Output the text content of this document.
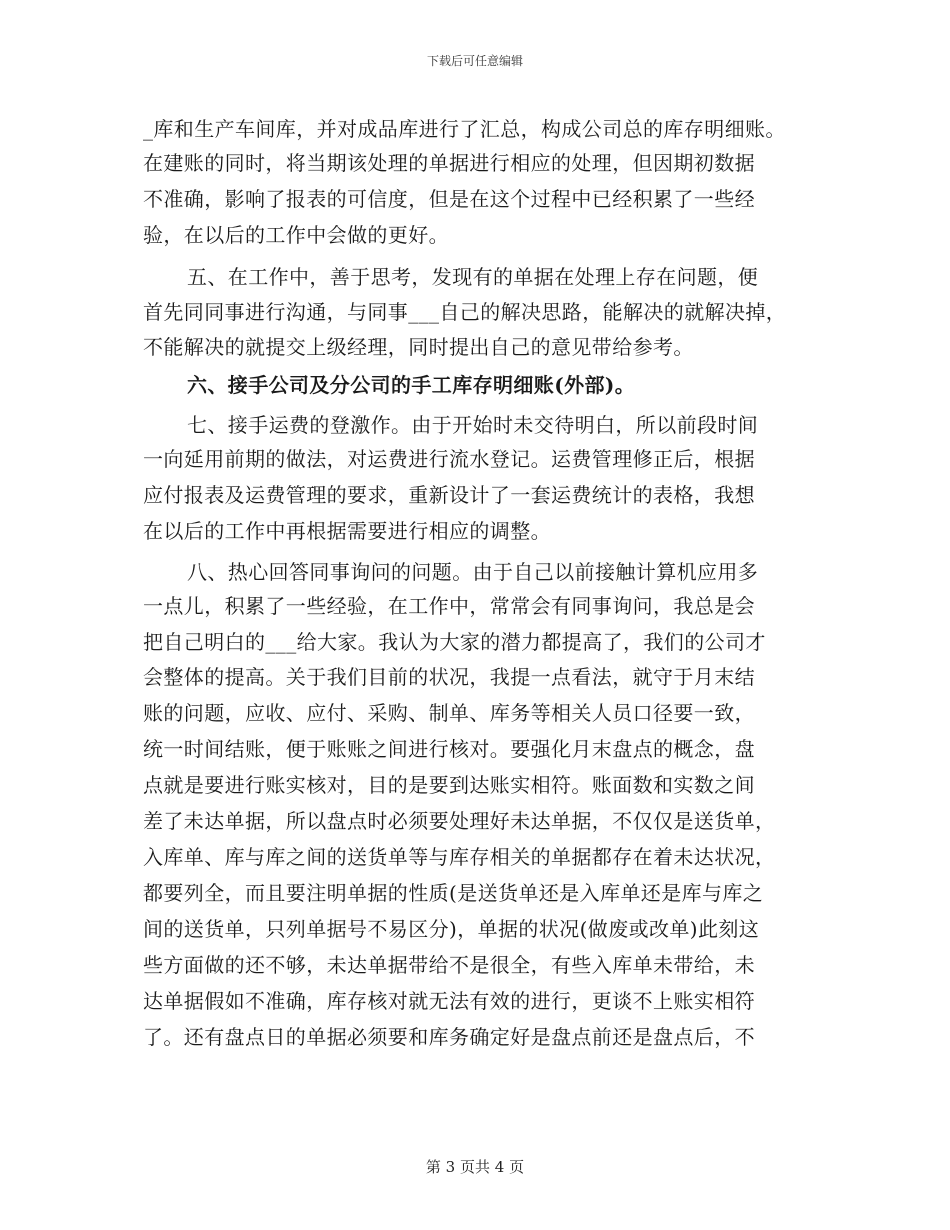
下载后可任意编辑
_库和生产车间库，并对成品库进行了汇总，构成公司总的库存明细账。
在建账的同时，将当期该处理的单据进行相应的处理，但因期初数据
不准确，影响了报表的可信度，但是在这个过程中已经积累了一些经
验，在以后的工作中会做的更好。
五、在工作中，善于思考，发现有的单据在处理上存在问题，便
首先同同事进行沟通，与同事___自己的解决思路，能解决的就解决掉，
不能解决的就提交上级经理，同时提出自己的意见带给参考。
六、接手公司及分公司的手工库存明细账(外部)。
七、接手运费的登激作。由于开始时未交待明白，所以前段时间
一向延用前期的做法，对运费进行流水登记。运费管理修正后，根据
应付报表及运费管理的要求，重新设计了一套运费统计的表格，我想
在以后的工作中再根据需要进行相应的调整。
八、热心回答同事询问的问题。由于自己以前接触计算机应用多
一点儿，积累了一些经验，在工作中，常常会有同事询问，我总是会
把自己明白的___给大家。我认为大家的潜力都提高了，我们的公司才
会整体的提高。关于我们目前的状况，我提一点看法，就守于月末结
账的问题，应收、应付、采购、制单、库务等相关人员口径要一致，
统一时间结账，便于账账之间进行核对。要强化月末盘点的概念，盘
点就是要进行账实核对，目的是要到达账实相符。账面数和实数之间
差了未达单据，所以盘点时必须要处理好未达单据，不仅仅是送货单，
入库单、库与库之间的送货单等与库存相关的单据都存在着未达状况，
都要列全，而且要注明单据的性质(是送货单还是入库单还是库与库之
间的送货单，只列单据号不易区分)，单据的状况(做废或改单)此刻这
些方面做的还不够，未达单据带给不是很全，有些入库单未带给，未
达单据假如不准确，库存核对就无法有效的进行，更谈不上账实相符
了。还有盘点日的单据必须要和库务确定好是盘点前还是盘点后，不
第 3 页共 4 页
